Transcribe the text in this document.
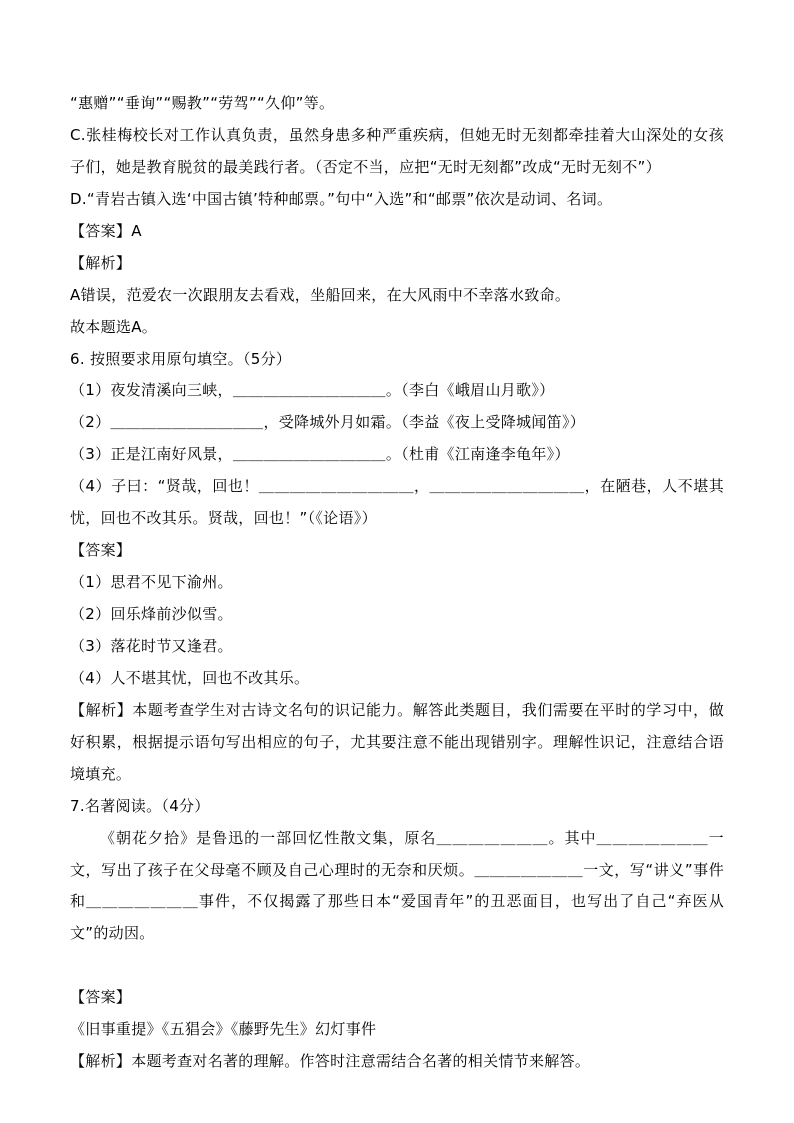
“惠赠”“垂询”“赐教”“劳驾”“久仰”等。

C.张桂梅校长对工作认真负责，虽然身患多种严重疾病，但她无时无刻都牵挂着大山深处的女孩子们，她是教育脱贫的最美践行者。（否定不当，应把“无时无刻都”改成“无时无刻不”）

D.“青岩古镇入选‘中国古镇’特种邮票。”句中“入选”和“邮票”依次是动词、名词。

【答案】A

【解析】

A错误，范爱农一次跟朋友去看戏，坐船回来，在大风雨中不幸落水致命。

故本题选A。

6. 按照要求用原句填空。（5分）

（1）夜发清溪向三峡，＿＿＿＿＿＿＿＿＿＿。（李白《峨眉山月歌》）

（2）＿＿＿＿＿＿＿＿＿＿，受降城外月如霜。（李益《夜上受降城闻笛》）

（3）正是江南好风景，＿＿＿＿＿＿＿＿＿＿。（杜甫《江南逢李龟年》）

（4）子曰：“贤哉，回也！＿＿＿＿＿＿＿＿＿＿，＿＿＿＿＿＿＿＿＿＿，在陋巷，人不堪其忧，回也不改其乐。贤哉，回也！”（《论语》）

【答案】

（1）思君不见下渝州。

（2）回乐烽前沙似雪。

（3）落花时节又逢君。

（4）人不堪其忧，回也不改其乐。

【解析】本题考查学生对古诗文名句的识记能力。解答此类题目，我们需要在平时的学习中，做好积累，根据提示语句写出相应的句子，尤其要注意不能出现错别字。理解性识记，注意结合语境填充。

7.名著阅读。（4分）

《朝花夕拾》是鲁迅的一部回忆性散文集，原名＿＿＿＿＿＿＿。其中＿＿＿＿＿＿＿一文，写出了孩子在父母毫不顾及自己心理时的无奈和厌烦。＿＿＿＿＿＿＿一文，写“讲义”事件和＿＿＿＿＿＿＿事件，不仅揭露了那些日本“爱国青年”的丑恶面目，也写出了自己“弃医从文”的动因。

【答案】

《旧事重提》《五猖会》《藤野先生》幻灯事件

【解析】本题考查对名著的理解。作答时注意需结合名著的相关情节来解答。
